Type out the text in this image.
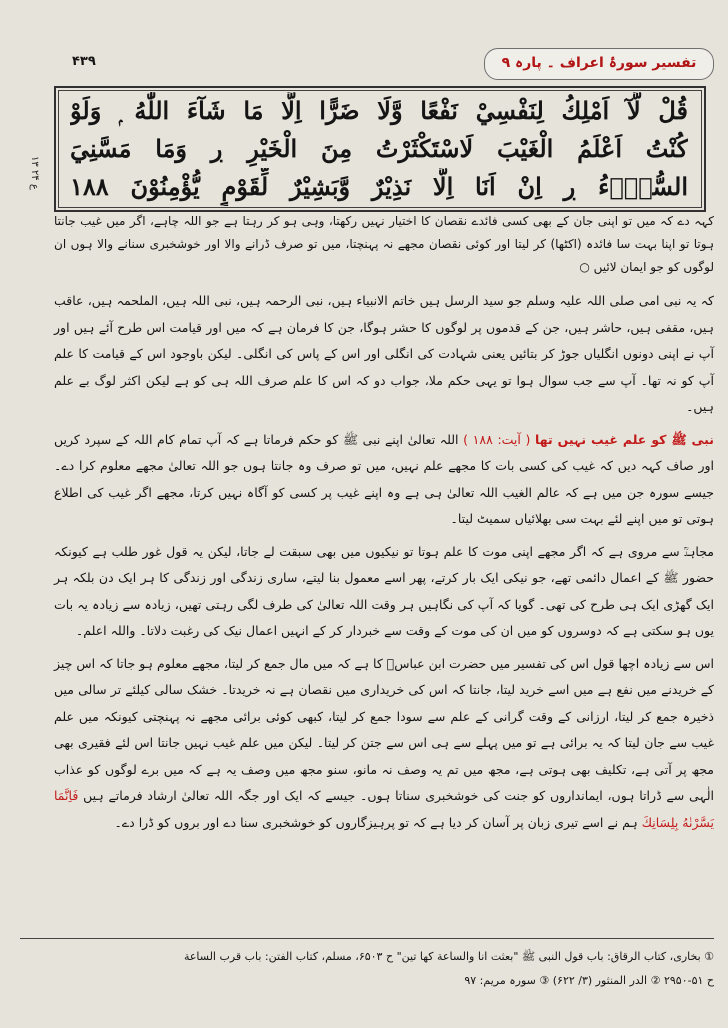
۴۳۹	تفسیر سورۂ اعراف ۔ پارہ ۹
قُلْ لَّآ اَمْلِكُ لِنَفْسِيْ نَفْعًا وَّلَا ضَرًّا اِلَّا مَا شَآءَ اللّٰهُ ۭ وَلَوْ
كُنْتُ اَعْلَمُ الْغَيْبَ لَاسْتَكْثَرْتُ مِنَ الْخَيْرِ ڔ وَمَا مَسَّنِيَ
السُّوْۗءُ ڔ اِنْ اَنَا اِلَّا نَذِيْرٌ وَّبَشِيْرٌ لِّقَوْمٍ يُّؤْمِنُوْنَ ١٨٨
ع ۲۴ ۱۳
کہہ دے کہ میں تو اپنی جان کے بھی کسی فائدے نقصان کا اختیار نہیں رکھتا، وہی ہو کر رہتا ہے جو اللہ چاہے، اگر میں غیب جانتا ہوتا تو اپنا بہت سا فائدہ (اکٹھا) کر لیتا اور کوئی نقصان مجھے نہ پہنچتا، میں تو صرف ڈرانے والا اور خوشخبری سنانے والا ہوں ان لوگوں کو جو ایمان لائیں ○

کہ یہ نبی امی صلی اللہ علیہ وسلم جو سید الرسل ہیں خاتم الانبیاء ہیں، نبی الرحمہ ہیں، نبی اللہ ہیں، الملحمہ ہیں، عاقب ہیں، مقفی ہیں، حاشر ہیں، جن کے قدموں پر لوگوں کا حشر ہوگا، جن کا فرمان ہے کہ میں اور قیامت اس طرح آئے ہیں اور آپ نے اپنی دونوں انگلیاں جوڑ کر بتائیں یعنی شہادت کی انگلی اور اس کے پاس کی انگلی۔ لیکن باوجود اس کے قیامت کا علم آپ کو نہ تھا۔ آپ سے جب سوال ہوا تو یہی حکم ملا، جواب دو کہ اس کا علم صرف اللہ ہی کو ہے لیکن اکثر لوگ بے علم ہیں۔

نبی ﷺ کو علم غیب نہیں تھا ( آیت: ۱۸۸ ) اللہ تعالیٰ اپنے نبی ﷺ کو حکم فرماتا ہے کہ آپ تمام کام اللہ کے سپرد کریں اور صاف کہہ دیں کہ غیب کی کسی بات کا مجھے علم نہیں، میں تو صرف وہ جانتا ہوں جو اللہ تعالیٰ مجھے معلوم کرا دے۔ جیسے سورہ جن میں ہے کہ عالم الغیب اللہ تعالیٰ ہی ہے وہ اپنے غیب پر کسی کو آگاہ نہیں کرتا، مجھے اگر غیب کی اطلاع ہوتی تو میں اپنے لئے بہت سی بھلائیاں سمیٹ لیتا۔

مجاہدؒ سے مروی ہے کہ اگر مجھے اپنی موت کا علم ہوتا تو نیکیوں میں بھی سبقت لے جاتا، لیکن یہ قول غور طلب ہے کیونکہ حضور ﷺ کے اعمال دائمی تھے، جو نیکی ایک بار کرتے، پھر اسے معمول بنا لیتے، ساری زندگی اور زندگی کا ہر ایک دن بلکہ ہر ایک گھڑی ایک ہی طرح کی تھی۔ گویا کہ آپ کی نگاہیں ہر وقت اللہ تعالیٰ کی طرف لگی رہتی تھیں، زیادہ سے زیادہ یہ بات یوں ہو سکتی ہے کہ دوسروں کو میں ان کی موت کے وقت سے خبردار کر کے انہیں اعمال نیک کی رغبت دلاتا۔ واللہ اعلم۔

اس سے زیادہ اچھا قول اس کی تفسیر میں حضرت ابن عباسؓ کا ہے کہ میں مال جمع کر لیتا، مجھے معلوم ہو جاتا کہ اس چیز کے خریدنے میں نفع ہے میں اسے خرید لیتا، جانتا کہ اس کی خریداری میں نقصان ہے نہ خریدتا۔ خشک سالی کیلئے تر سالی میں ذخیرہ جمع کر لیتا، ارزانی کے وقت گرانی کے علم سے سودا جمع کر لیتا، کبھی کوئی برائی مجھے نہ پہنچتی کیونکہ میں علم غیب سے جان لیتا کہ یہ برائی ہے تو میں پہلے سے ہی اس سے جتن کر لیتا۔ لیکن میں علم غیب نہیں جانتا اس لئے فقیری بھی مجھ پر آتی ہے، تکلیف بھی ہوتی ہے، مجھ میں تم یہ وصف نہ مانو، سنو مجھ میں وصف یہ ہے کہ میں برے لوگوں کو عذاب الٰہی سے ڈراتا ہوں، ایمانداروں کو جنت کی خوشخبری سناتا ہوں۔ جیسے کہ ایک اور جگہ اللہ تعالیٰ ارشاد فرماتے ہیں فَاِنَّمَا يَسَّرْنٰهُ بِلِسَانِكَ ہم نے اسے تیری زبان پر آسان کر دیا ہے کہ تو پرہیزگاروں کو خوشخبری سنا دے اور بروں کو ڈرا دے۔

① بخاری، کتاب الرقاق: باب قول النبی ﷺ "بعثت انا والساعة کھا تین" ح ۶۵۰۳، مسلم، کتاب الفتن: باب قرب الساعة
ح ۵۱-۲۹۵۰ ② الدر المنثور (۳/ ۶۲۲) ③ سورہ مریم: ۹۷
